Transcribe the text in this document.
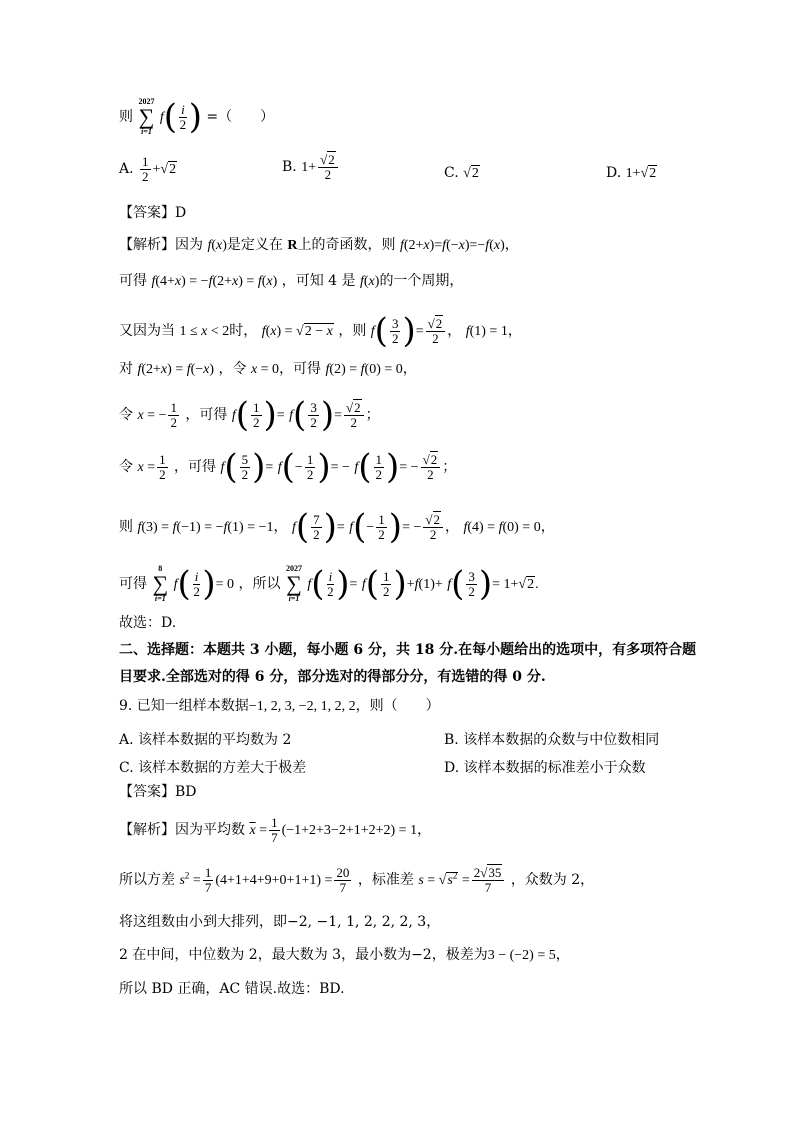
则
2027
∑
i=1
$f( \frac{i}{2}$ ) =（　　）
A. $\frac{1}{2} +√2$	B. $1+ \frac{√2}{2}$	C. √2	D. 1+√2
【答案】D
【解析】因为 f(x)是定义在 R上的奇函数，则 f(2+x)=f(−x)=−f(x)，
可得 f(4+x) = −f(2+x) = f(x) ，可知 4 是 f(x)的一个周期，
又因为当 1 ≤ x < 2时， f(x) = √2 − x ，则 $f( \frac{3}{2}$ )= $\frac{√2}{2}$ ， f(1) = 1，
对 f(2+x) = f(−x) ，令 x = 0，可得 f(2) = f(0) = 0，
令 x = − $\frac{1}{2}$ ，可得 $f( \frac{1}{2}$ )= $f( \frac{3}{2}$ )= $\frac{√2}{2}$ ；
令 $x = \frac{1}{2}$ ，可得 $f( \frac{5}{2}$ )= $f(- \frac{1}{2}$ )= − $f( \frac{1}{2}$ )= − $\frac{√2}{2}$ ；
则 f(3) = f(−1) = −f(1) = −1， $f( \frac{7}{2}$ )= $f(- \frac{1}{2}$ )= − $\frac{√2}{2}$ ， f(4) = f(0) = 0，
可得
8
∑
i=1
$f( \frac{i}{2}$ )= 0 ，所以
2027
∑
i=1
$f( \frac{i}{2}$ )= $f( \frac{1}{2} )+f(1)+ f( \frac{3}{2}$ )= 1+√2.
故选：D.
二、选择题：本题共 3 小题，每小题 6 分，共 18 分.在每小题给出的选项中，有多项符合题
目要求.全部选对的得 6 分，部分选对的得部分分，有选错的得 0 分.
9. 已知一组样本数据−1, 2, 3, −2, 1, 2, 2，则（　　）
A. 该样本数据的平均数为 2	B. 该样本数据的众数与中位数相同
C. 该样本数据的方差大于极差	D. 该样本数据的标准差小于众数
【答案】BD
【解析】因为平均数 $\overline{x} = \frac{1}{7} (-1+2+3-2+1+2+2) = 1$，
所以方差 $s^2 = \frac{1}{7} (4+1+4+9+0+1+1) = \frac{20}{7}$ ，标准差 $s = √s^2 = \frac{2√35}{7}$ ，众数为 2，
将这组数由小到大排列，即−2, −1, 1, 2, 2, 2, 3，
2 在中间，中位数为 2，最大数为 3，最小数为−2，极差为3 − (−2) = 5，
所以 BD 正确，AC 错误.故选：BD.
